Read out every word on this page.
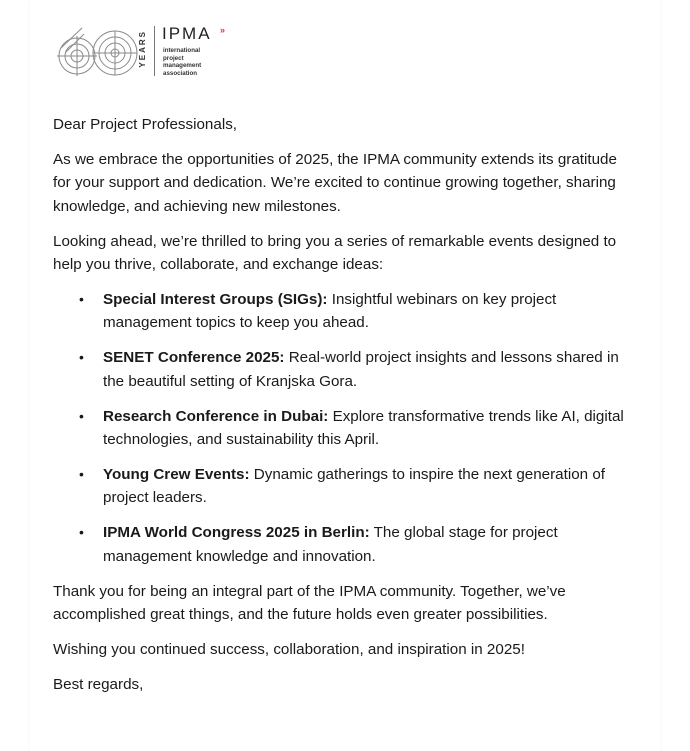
YEARS IPMA »
international
project
management
association

Dear Project Professionals,

As we embrace the opportunities of 2025, the IPMA community extends its gratitude for your support and dedication. We’re excited to continue growing together, sharing knowledge, and achieving new milestones.

Looking ahead, we’re thrilled to bring you a series of remarkable events designed to help you thrive, collaborate, and exchange ideas:

• Special Interest Groups (SIGs): Insightful webinars on key project management topics to keep you ahead.
• SENET Conference 2025: Real-world project insights and lessons shared in the beautiful setting of Kranjska Gora.
• Research Conference in Dubai: Explore transformative trends like AI, digital technologies, and sustainability this April.
• Young Crew Events: Dynamic gatherings to inspire the next generation of project leaders.
• IPMA World Congress 2025 in Berlin: The global stage for project management knowledge and innovation.

Thank you for being an integral part of the IPMA community. Together, we’ve accomplished great things, and the future holds even greater possibilities.

Wishing you continued success, collaboration, and inspiration in 2025!

Best regards,
